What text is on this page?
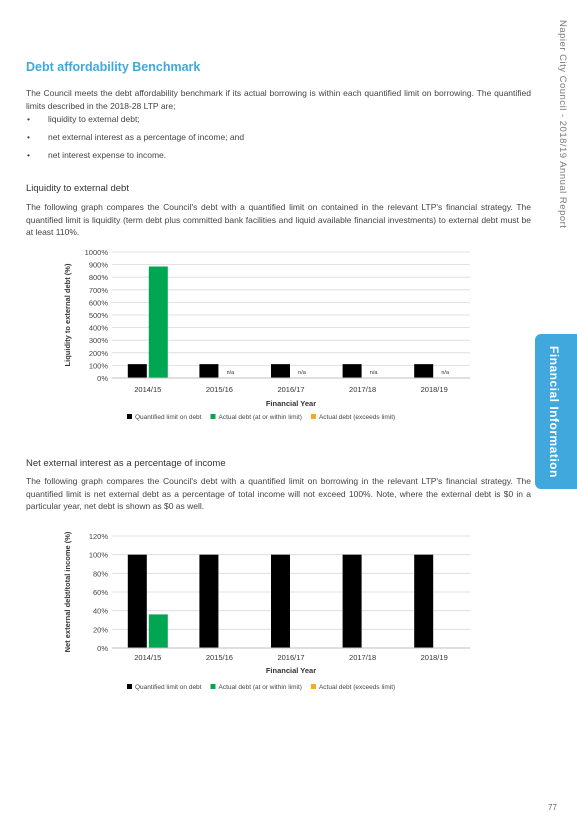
Napier City Council - 2018/19 Annual Report
Financial Information
Debt affordability Benchmark

The Council meets the debt affordability benchmark if its actual borrowing is within each quantified limit on borrowing. The quantified limits described in the 2018-28 LTP are;

• liquidity to external debt;
• net external interest as a percentage of income; and
• net interest expense to income.
Liquidity to external debt

The following graph compares the Council's debt with a quantified limit on contained in the relevant LTP's financial strategy. The quantified limit is liquidity (term debt plus committed bank facilities and liquid available financial investments) to external debt must be at least 110%.

Net external interest as a percentage of income

The following graph compares the Council's debt with a quantified limit on borrowing in the relevant LTP's financial strategy. The quantified limit is net external debt as a percentage of total income will not exceed 100%. Note, where the external debt is $0 in a particular year, net debt is shown as $0 as well.

0%
100%
200%
300%
400%
500%
600%
700%
800%
900%
1000%
Liquidity to external debt (%)
2014/15	2015/16
n/a
2016/17
n/a
2017/18
n/a
2018/19
n/a
Financial Year
Quantified limit on debt	Actual debt (at or within limit)	Actual debt (exceeds limit)
0%
20%
40%
60%
80%
100%
120%
Net external debt/total income (%)
2014/15	2015/16	2016/17	2017/18	2018/19
Financial Year
Quantified limit on debt	Actual debt (at or within limit)	Actual debt (exceeds limit)
77
